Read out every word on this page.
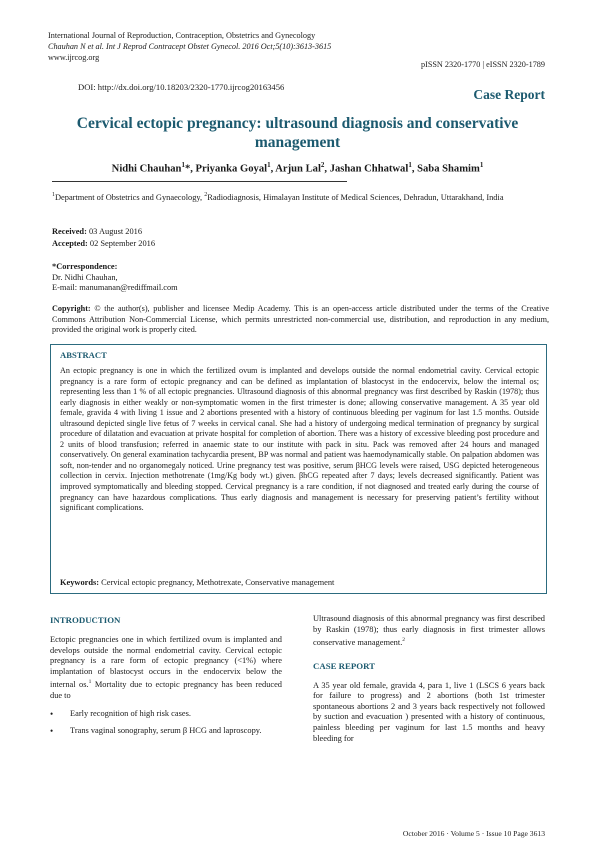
International Journal of Reproduction, Contraception, Obstetrics and Gynecology
Chauhan N et al. Int J Reprod Contracept Obstet Gynecol. 2016 Oct;5(10):3613-3615
www.ijrcog.org
pISSN 2320-1770 | eISSN 2320-1789
DOI: http://dx.doi.org/10.18203/2320-1770.ijrcog20163456	Case Report
Cervical ectopic pregnancy: ultrasound diagnosis and conservative management
Nidhi Chauhan$^1$*, Priyanka Goyal$^1$, Arjun Lal$^2$, Jashan Chhatwal$^1$, Saba Shamim$^1$
$^1$Department of Obstetrics and Gynaecology, $^2$Radiodiagnosis, Himalayan Institute of Medical Sciences, Dehradun, Uttarakhand, India
Received: 03 August 2016
Accepted: 02 September 2016
*Correspondence:
Dr. Nidhi Chauhan,
E-mail: manumanan@rediffmail.com
Copyright: © the author(s), publisher and licensee Medip Academy. This is an open-access article distributed under the terms of the Creative Commons Attribution Non-Commercial License, which permits unrestricted non-commercial use, distribution, and reproduction in any medium, provided the original work is properly cited.
ABSTRACT
An ectopic pregnancy is one in which the fertilized ovum is implanted and develops outside the normal endometrial cavity. Cervical ectopic pregnancy is a rare form of ectopic pregnancy and can be defined as implantation of blastocyst in the endocervix, below the internal os; representing less than 1 % of all ectopic pregnancies. Ultrasound diagnosis of this abnormal pregnancy was first described by Raskin (1978); thus early diagnosis in either weakly or non-symptomatic women in the first trimester is done; allowing conservative management. A 35 year old female, gravida 4 with living 1 issue and 2 abortions presented with a history of continuous bleeding per vaginum for last 1.5 months. Outside ultrasound depicted single live fetus of 7 weeks in cervical canal. She had a history of undergoing medical termination of pregnancy by surgical procedure of dilatation and evacuation at private hospital for completion of abortion. There was a history of excessive bleeding post procedure and 2 units of blood transfusion; referred in anaemic state to our institute with pack in situ. Pack was removed after 24 hours and managed conservatively. On general examination tachycardia present, BP was normal and patient was haemodynamically stable. On palpation abdomen was soft, non-tender and no organomegaly noticed. Urine pregnancy test was positive, serum βHCG levels were raised, USG depicted heterogeneous collection in cervix. Injection methotrenate (1mg/Kg body wt.) given. βhCG repeated after 7 days; levels decreased significantly. Patient was improved symptomatically and bleeding stopped. Cervical pregnancy is a rare condition, if not diagnosed and treated early during the course of pregnancy can have hazardous complications. Thus early diagnosis and management is necessary for preserving patient’s fertility without significant complications.
Keywords: Cervical ectopic pregnancy, Methotrexate, Conservative management
INTRODUCTION

Ectopic pregnancies one in which fertilized ovum is implanted and develops outside the normal endometrial cavity. Cervical ectopic pregnancy is a rare form of ectopic pregnancy (<1%) where implantation of blastocyst occurs in the endocervix below the internal os.$^1$ Mortality due to ectopic pregnancy has been reduced due to

• Early recognition of high risk cases.
• Trans vaginal sonography, serum β HCG and laproscopy.

Ultrasound diagnosis of this abnormal pregnancy was first described by Raskin (1978); thus early diagnosis in first trimester allows conservative management.$^2$

CASE REPORT

A 35 year old female, gravida 4, para 1, live 1 (LSCS 6 years back for failure to progress) and 2 abortions (both 1st trimester spontaneous abortions 2 and 3 years back respectively not followed by suction and evacuation ) presented with a history of continuous, painless bleeding per vaginum for last 1.5 months and heavy bleeding for

October 2016 · Volume 5 · Issue 10 Page 3613
